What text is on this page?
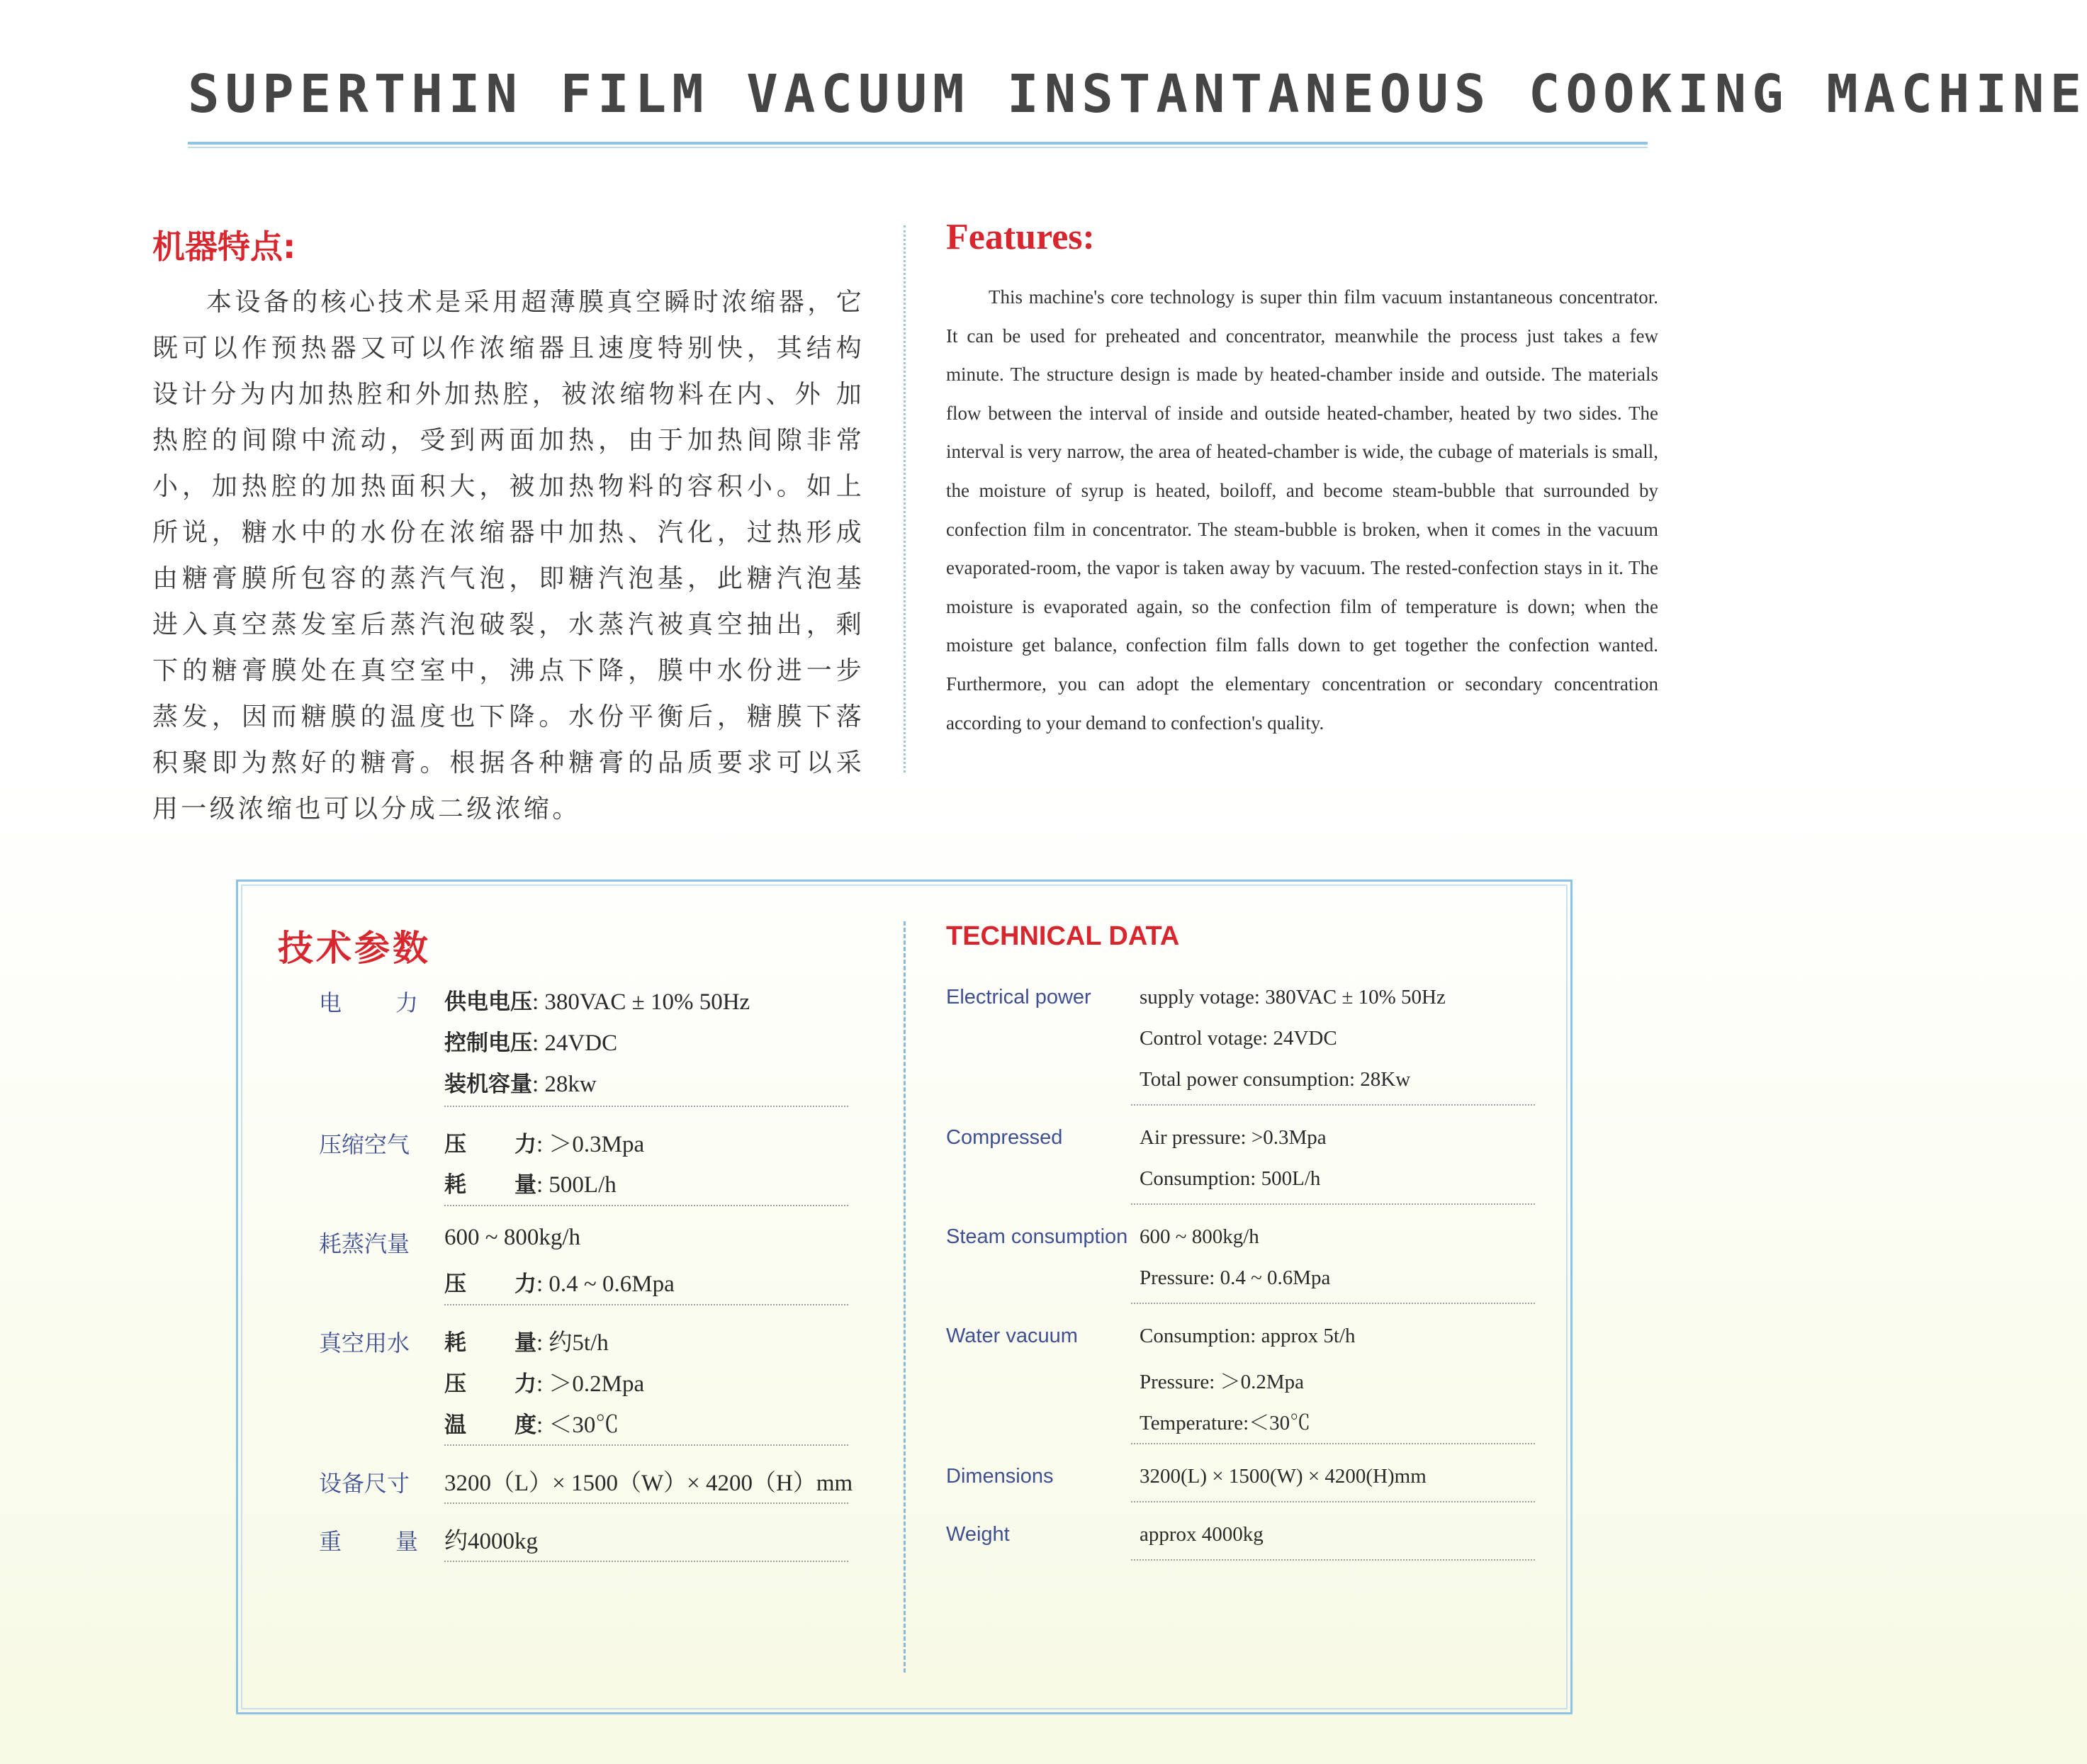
SUPERTHIN FILM VACUUM INSTANTANEOUS COOKING MACHINE
机器特点:
本设备的核心技术是采用超薄膜真空瞬时浓缩器，它既可以作预热器又可以作浓缩器且速度特别快，其结构设计分为内加热腔和外加热腔，被浓缩物料在内、外 加热腔的间隙中流动，受到两面加热，由于加热间隙非常小，加热腔的加热面积大，被加热物料的容积小。如上所说，糖水中的水份在浓缩器中加热、汽化，过热形成由糖膏膜所包容的蒸汽气泡，即糖汽泡基，此糖汽泡基进入真空蒸发室后蒸汽泡破裂，水蒸汽被真空抽出，剩下的糖膏膜处在真空室中，沸点下降，膜中水份进一步蒸发，因而糖膜的温度也下降。水份平衡后，糖膜下落积聚即为熬好的糖膏。根据各种糖膏的品质要求可以采用一级浓缩也可以分成二级浓缩。
Features:
This machine's core technology is super thin film vacuum instantaneous concentrator. It can be used for preheated and concentrator, meanwhile the process just takes a few minute. The structure design is made by heated-chamber inside and outside. The materials flow between the interval of inside and outside heated-chamber, heated by two sides. The interval is very narrow, the area of heated-chamber is wide, the cubage of materials is small, the moisture of syrup is heated, boiloff, and become steam-bubble that surrounded by confection film in concentrator. The steam-bubble is broken, when it comes in the vacuum evaporated-room, the vapor is taken away by vacuum. The rested-confection stays in it. The moisture is evaporated again, so the confection film of temperature is down; when the moisture get balance, confection film falls down to get together the confection wanted. Furthermore, you can adopt the elementary concentration or secondary concentration according to your demand to confection's quality.
技术参数	TECHNICAL DATA
电 力 供电电压: 380VAC ± 10% 50Hz
控制电压: 24VDC
装机容量: 28kw
压缩空气	压 力 : ＞0.3Mpa
耗 量 : 500L/h
耗蒸汽量	600 ~ 800kg/h
压 力 : 0.4 ~ 0.6Mpa
真空用水	耗 量 : 约5t/h
压 力 : ＞0.2Mpa
温 度 : ＜30℃
设备尺寸	3200（L）× 1500（W）× 4200（H）mm
重 量 约4000kg
Electrical power supply votage: 380VAC ± 10% 50Hz
Control votage: 24VDC
Total power consumption: 28Kw
Compressed	Air pressure: >0.3Mpa
Consumption: 500L/h
Steam consumption 600 ~ 800kg/h
Pressure: 0.4 ~ 0.6Mpa
Water vacuum	Consumption: approx 5t/h
Pressure: ＞0.2Mpa
Temperature:＜30℃
Dimensions	3200(L) × 1500(W) × 4200(H)mm
Weight	approx 4000kg
